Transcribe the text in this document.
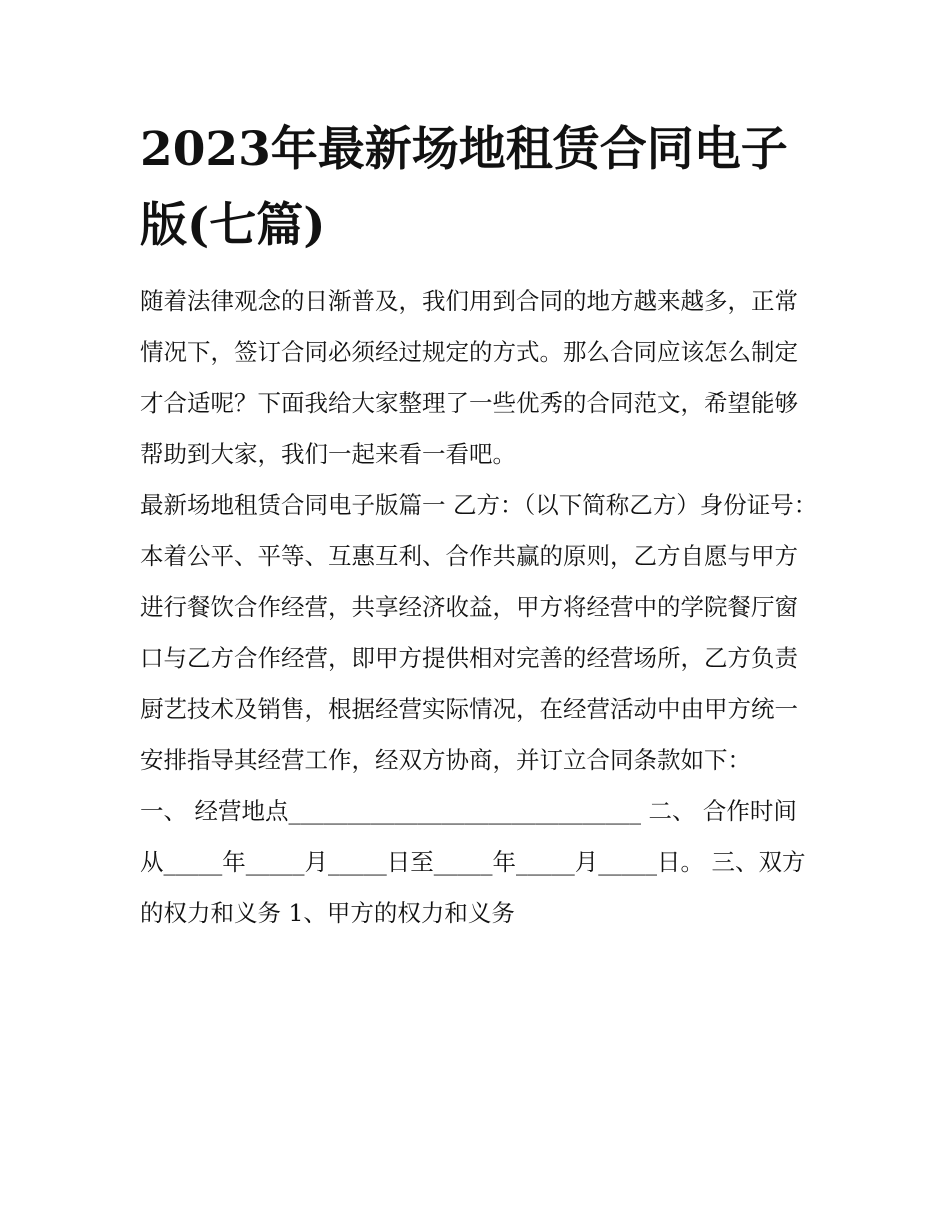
2023年最新场地租赁合同电子版(七篇)

随着法律观念的日渐普及，我们用到合同的地方越来越多，正常情况下，签订合同必须经过规定的方式。那么合同应该怎么制定才合适呢？下面我给大家整理了一些优秀的合同范文，希望能够帮助到大家，我们一起来看一看吧。

最新场地租赁合同电子版篇一 乙方：（以下简称乙方）身份证号：

本着公平、平等、互惠互利、合作共赢的原则，乙方自愿与甲方进行餐饮合作经营，共享经济收益，甲方将经营中的学院餐厅窗口与乙方合作经营，即甲方提供相对完善的经营场所，乙方负责厨艺技术及销售，根据经营实际情况，在经营活动中由甲方统一安排指导其经营工作，经双方协商，并订立合同条款如下：

一、 经营地点______________________________ 二、 合作时间

从_____年_____月_____日至_____年_____月_____日。 三、双方的权力和义务 1、甲方的权力和义务
